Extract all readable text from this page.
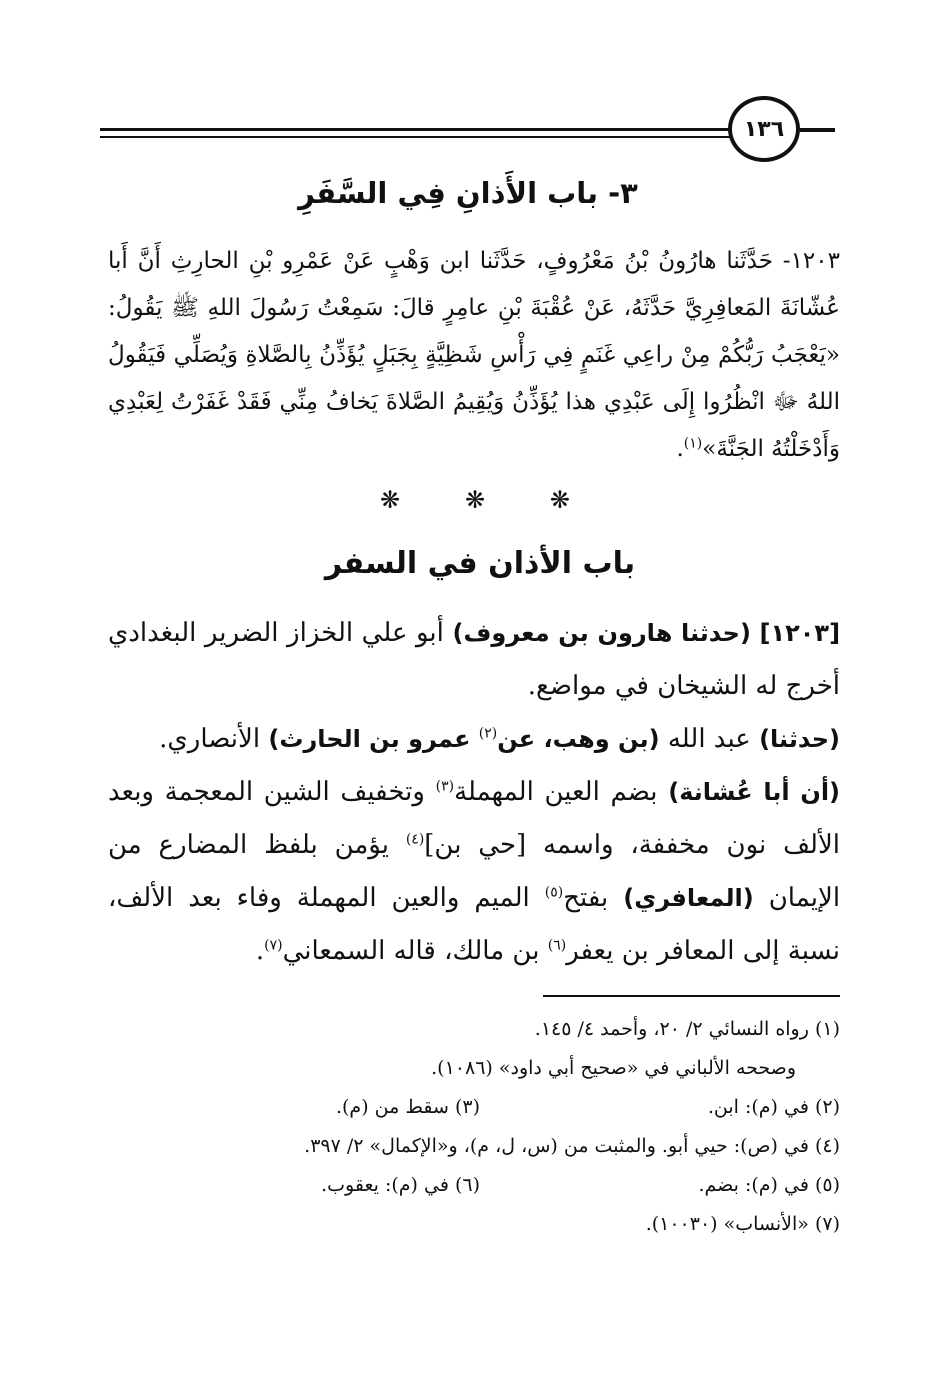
١٣٦
٣- باب الأَذانِ فِي السَّفَرِ
١٢٠٣- حَدَّثَنا هارُونُ بْنُ مَعْرُوفٍ، حَدَّثَنا ابن وَهْبٍ عَنْ عَمْرِو بْنِ الحارِثِ أَنَّ أَبا عُشّانَةَ المَعافِرِيَّ حَدَّثَهُ، عَنْ عُقْبَةَ بْنِ عامِرٍ قالَ: سَمِعْتُ رَسُولَ اللهِ ﷺ يَقُولُ: «يَعْجَبُ رَبُّكُمْ مِنْ راعِي غَنَمٍ فِي رَأْسِ شَظِيَّةٍ بِجَبَلٍ يُؤَذِّنُ بِالصَّلاةِ وَيُصَلِّي فَيَقُولُ اللهُ ﷻ انْظُرُوا إِلَى عَبْدِي هذا يُؤَذِّنُ وَيُقِيمُ الصَّلاةَ يَخافُ مِنِّي فَقَدْ غَفَرْتُ لِعَبْدِي وَأَدْخَلْتُهُ الجَنَّةَ»$^{(١)}$.
❋	❋	❋
باب الأذان في السفر

[١٢٠٣] (حدثنا هارون بن معروف) أبو علي الخزاز الضرير البغدادي أخرج له الشيخان في مواضع.

(حدثنا) عبد الله (بن وهب، عن$^{(٢)}$ عمرو بن الحارث) الأنصاري.

(أن أبا عُشانة) بضم العين المهملة$^{(٣)}$ وتخفيف الشين المعجمة وبعد الألف نون مخففة، واسمه [حي بن]$^{(٤)}$ يؤمن بلفظ المضارع من الإيمان (المعافري) بفتح$^{(٥)}$ الميم والعين المهملة وفاء بعد الألف، نسبة إلى المعافر بن يعفر$^{(٦)}$ بن مالك، قاله السمعاني$^{(٧)}$.

(١) رواه النسائي ٢/ ٢٠، وأحمد ٤/ ١٤٥.

وصححه الألباني في «صحيح أبي داود» (١٠٨٦).

(٢) في (م): ابن.

(٣) سقط من (م).

(٤) في (ص): حيي أبو. والمثبت من (س، ل، م)، و«الإكمال» ٢/ ٣٩٧.

(٥) في (م): بضم.

(٦) في (م): يعقوب.

(٧) «الأنساب» (١٠٠٣٠).
